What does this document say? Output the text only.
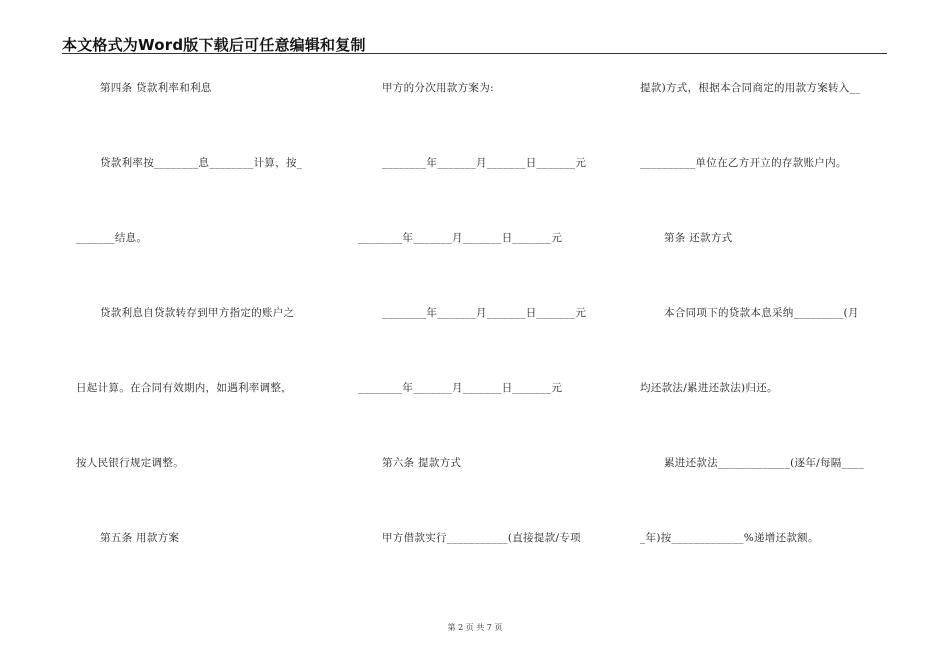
本文格式为Word版下载后可任意编辑和复制
第四条 贷款利率和利息
贷款利率按________息________计算，按_
_______结息。
贷款利息自贷款转存到甲方指定的账户之
日起计算。在合同有效期内，如遇利率调整，
按人民银行规定调整。
第五条 用款方案
甲方的分次用款方案为:
________年_______月_______日_______元
________年_______月_______日_______元
________年_______月_______日_______元
________年_______月_______日_______元
第六条 提款方式
甲方借款实行___________(直接提款/专项
提款)方式，根据本合同商定的用款方案转入__
__________单位在乙方开立的存款账户内。
第条 还款方式
本合同项下的贷款本息采纳_________(月
均还款法/累进还款法)归还。
累进还款法_____________(逐年/每隔____
_年)按_____________%递增还款额。
第 2 页 共 7 页
